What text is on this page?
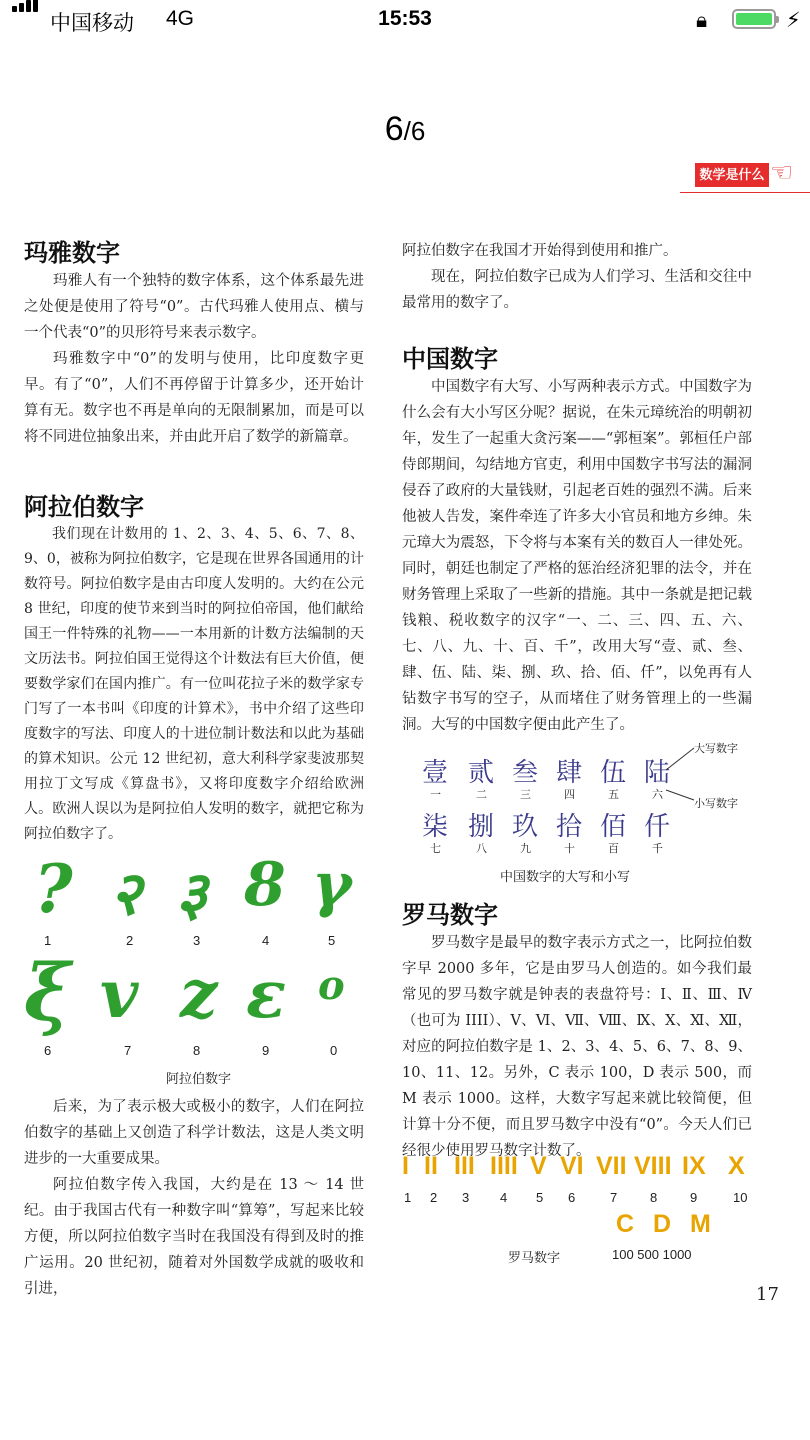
中国移动 4G	15:53	🔒︎	⚡︎
6/6
数学是什么 ☜
玛雅数字

玛雅人有一个独特的数字体系，这个体系最先进之处便是使用了符号“0”。古代玛雅人使用点、横与一个代表“0”的贝形符号来表示数字。

玛雅数字中“0”的发明与使用，比印度数字更早。有了“0”，人们不再停留于计算多少，还开始计算有无。数字也不再是单向的无限制累加，而是可以将不同进位抽象出来，并由此开启了数学的新篇章。

阿拉伯数字

我们现在计数用的 1、2、3、4、5、6、7、8、9、0，被称为阿拉伯数字，它是现在世界各国通用的计数符号。阿拉伯数字是由古印度人发明的。大约在公元 8 世纪，印度的使节来到当时的阿拉伯帝国，他们献给国王一件特殊的礼物——一本用新的计数方法编制的天文历法书。阿拉伯国王觉得这个计数法有巨大价值，便要数学家们在国内推广。有一位叫花拉子米的数学家专门写了一本书叫《印度的计算术》，书中介绍了这些印度数字的写法、印度人的十进位制计数法和以此为基础的算术知识。公元 12 世纪初，意大利科学家斐波那契用拉丁文写成《算盘书》，又将印度数字介绍给欧洲人。欧洲人误以为是阿拉伯人发明的数字，就把它称为阿拉伯数字了。

? २ ३ 8 γ
1	2	3	4	5
ξ v z ε o
6	7	8	9	0
阿拉伯数字

后来，为了表示极大或极小的数字，人们在阿拉伯数字的基础上又创造了科学计数法，这是人类文明进步的一大重要成果。

阿拉伯数字传入我国，大约是在 13 ～ 14 世纪。由于我国古代有一种数字叫“算筹”，写起来比较方便，所以阿拉伯数字当时在我国没有得到及时的推广运用。20 世纪初，随着对外国数学成就的吸收和引进，

阿拉伯数字在我国才开始得到使用和推广。

现在，阿拉伯数字已成为人们学习、生活和交往中最常用的数字了。

中国数字

中国数字有大写、小写两种表示方式。中国数字为什么会有大小写区分呢？据说，在朱元璋统治的明朝初年，发生了一起重大贪污案——“郭桓案”。郭桓任户部侍郎期间，勾结地方官吏，利用中国数字书写法的漏洞侵吞了政府的大量钱财，引起老百姓的强烈不满。后来他被人告发，案件牵连了许多大小官员和地方乡绅。朱元璋大为震怒，下令将与本案有关的数百人一律处死。同时，朝廷也制定了严格的惩治经济犯罪的法令，并在财务管理上采取了一些新的措施。其中一条就是把记载钱粮、税收数字的汉字“一、二、三、四、五、六、七、八、九、十、百、千”，改用大写“壹、贰、叁、肆、伍、陆、柒、捌、玖、拾、佰、仟”，以免再有人钻数字书写的空子，从而堵住了财务管理上的一些漏洞。大写的中国数字便由此产生了。

壹 贰 叁 肆 伍 陆
一	二	三	四	五	六
柒 捌 玖 拾 佰 仟
七	八	九	十	百	千
大写数字
小写数字
中国数字的大写和小写
罗马数字

罗马数字是最早的数字表示方式之一，比阿拉伯数字早 2000 多年，它是由罗马人创造的。如今我们最常见的罗马数字就是钟表的表盘符号：Ⅰ、Ⅱ、Ⅲ、Ⅳ（也可为 IIII）、Ⅴ、Ⅵ、Ⅶ、Ⅷ、Ⅸ、Ⅹ、Ⅺ、Ⅻ，对应的阿拉伯数字是 1、2、3、4、5、6、7、8、9、10、11、12。另外，C 表示 100，D 表示 500，而 M 表示 1000。这样，大数字写起来就比较简便，但计算十分不便，而且罗马数字中没有“0”。今天人们已经很少使用罗马数字计数了。

I II III IIII V VI VII VIII IX X
1 2 3 4 5 6	7	8	9	10
C D M
100 500 1000
罗马数字
17
